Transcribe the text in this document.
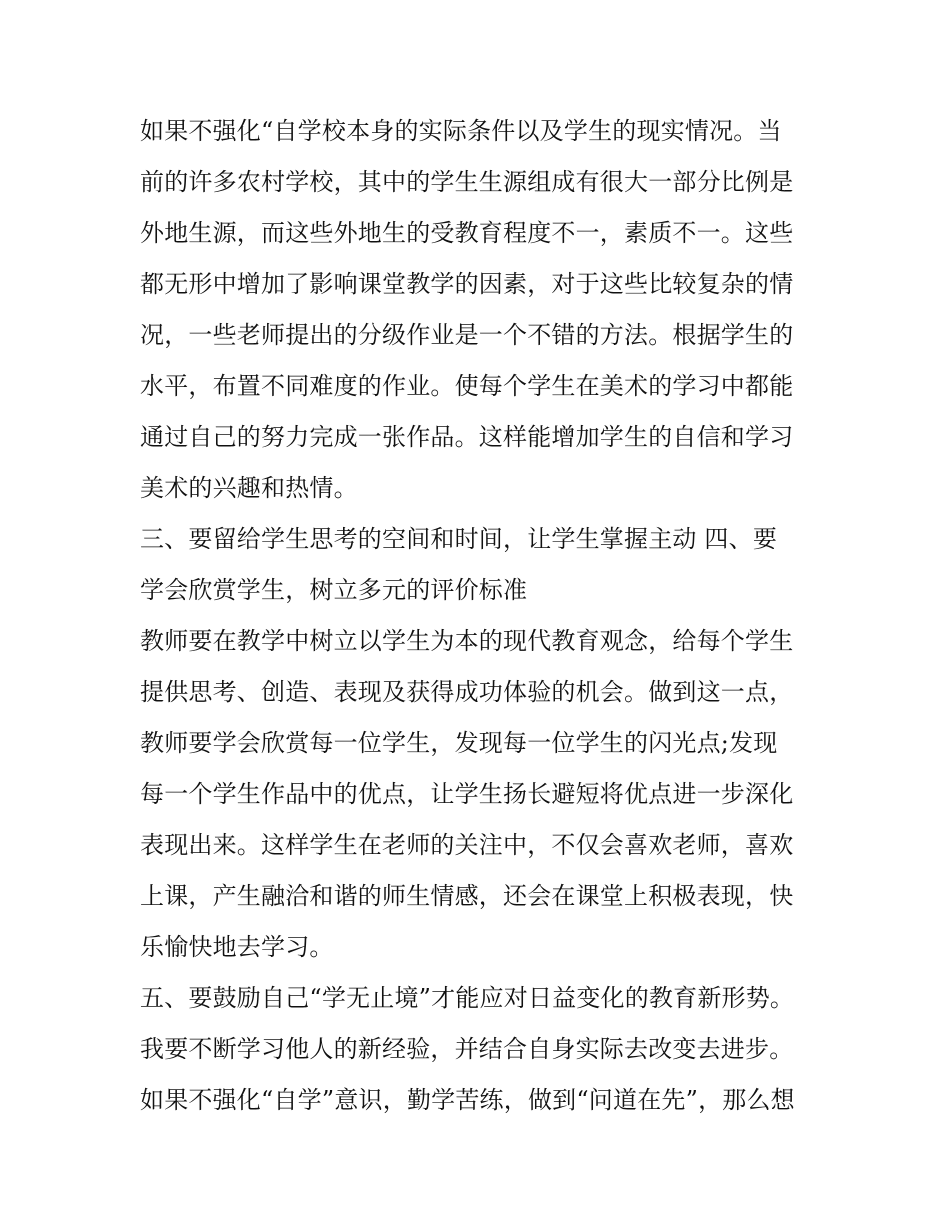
如果不强化“自学校本身的实际条件以及学生的现实情况。当
前的许多农村学校，其中的学生生源组成有很大一部分比例是
外地生源，而这些外地生的受教育程度不一，素质不一。这些
都无形中增加了影响课堂教学的因素，对于这些比较复杂的情
况，一些老师提出的分级作业是一个不错的方法。根据学生的
水平，布置不同难度的作业。使每个学生在美术的学习中都能
通过自己的努力完成一张作品。这样能增加学生的自信和学习
美术的兴趣和热情。
三、要留给学生思考的空间和时间，让学生掌握主动 四、要
学会欣赏学生，树立多元的评价标准
教师要在教学中树立以学生为本的现代教育观念，给每个学生
提供思考、创造、表现及获得成功体验的机会。做到这一点，
教师要学会欣赏每一位学生，发现每一位学生的闪光点;发现
每一个学生作品中的优点，让学生扬长避短将优点进一步深化
表现出来。这样学生在老师的关注中，不仅会喜欢老师，喜欢
上课，产生融洽和谐的师生情感，还会在课堂上积极表现，快
乐愉快地去学习。
五、要鼓励自己“学无止境”才能应对日益变化的教育新形势。
我要不断学习他人的新经验，并结合自身实际去改变去进步。
如果不强化“自学”意识，勤学苦练，做到“问道在先”，那么想
